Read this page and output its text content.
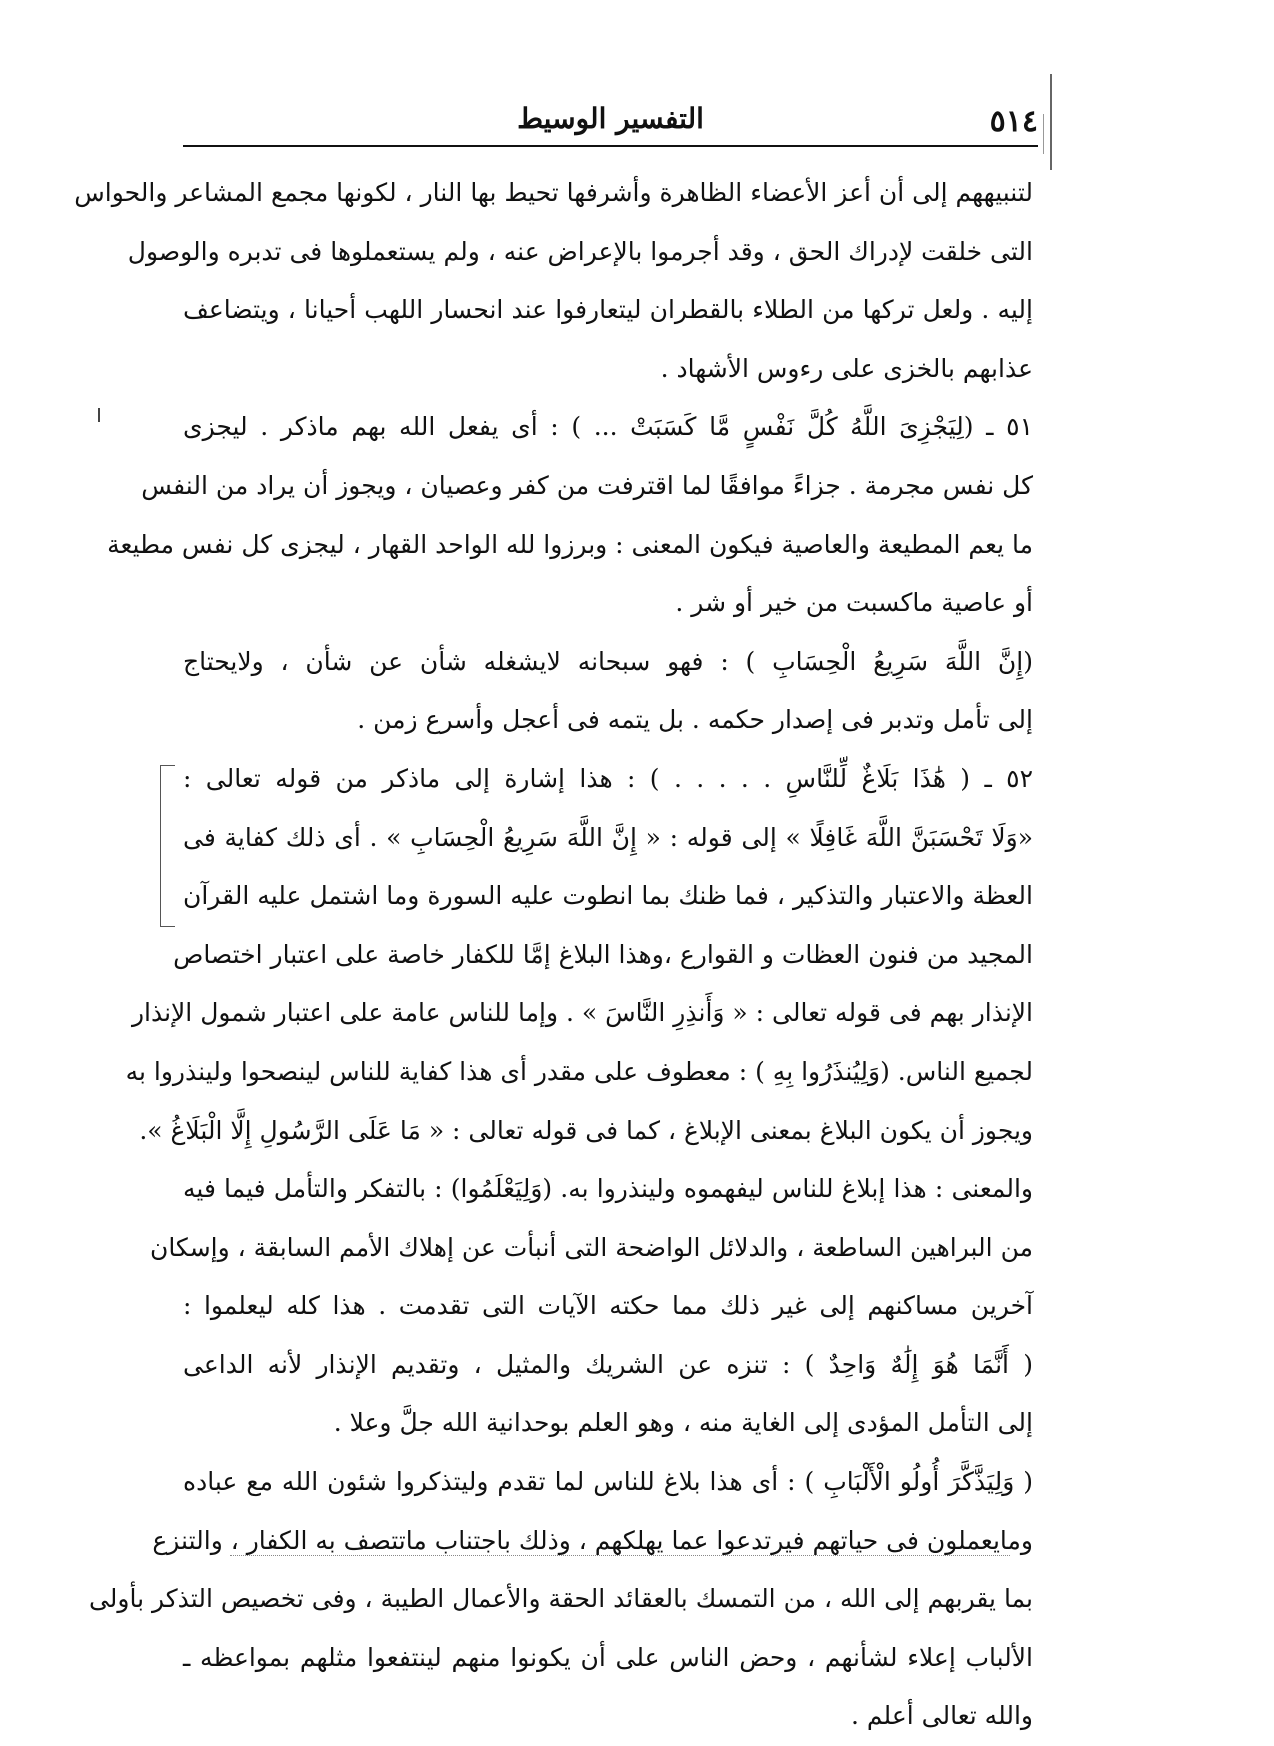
٥١٤
التفسير الوسيط
لتنبيههم إلى أن أعز الأعضاء الظاهرة وأشرفها تحيط بها النار ، لكونها مجمع المشاعر والحواس
التى خلقت لإدراك الحق ، وقد أجرموا بالإعراض عنه ، ولم يستعملوها فى تدبره والوصول
إليه . ولعل تركها من الطلاء بالقطران ليتعارفوا عند انحسار اللهب أحيانا ، ويتضاعف
عذابهم بالخزى على رءوس الأشهاد .
٥١ ـ (لِيَجْزِىَ اللَّهُ كُلَّ نَفْسٍ مَّا كَسَبَتْ ... ) : أى يفعل الله بهم ماذكر . ليجزى
كل نفس مجرمة . جزاءً موافقًا لما اقترفت من كفر وعصيان ، ويجوز أن يراد من النفس
ما يعم المطيعة والعاصية فيكون المعنى : وبرزوا لله الواحد القهار ، ليجزى كل نفس مطيعة
أو عاصية ماكسبت من خير أو شر .
(إِنَّ اللَّهَ سَرِيعُ الْحِسَابِ ) : فهو سبحانه لايشغله شأن عن شأن ، ولايحتاج
إلى تأمل وتدبر فى إصدار حكمه . بل يتمه فى أعجل وأسرع زمن .
٥٢ ـ ( هَٰذَا بَلَاغٌ لِّلنَّاسِ . . . . . ) : هذا إشارة إلى ماذكر من قوله تعالى :
«وَلَا تَحْسَبَنَّ اللَّهَ غَافِلًا » إلى قوله : « إِنَّ اللَّهَ سَرِيعُ الْحِسَابِ » . أى ذلك كفاية فى
العظة والاعتبار والتذكير ، فما ظنك بما انطوت عليه السورة وما اشتمل عليه القرآن
المجيد من فنون العظات و القوارع ،وهذا البلاغ إمَّا للكفار خاصة على اعتبار اختصاص
الإنذار بهم فى قوله تعالى : « وَأَنذِرِ النَّاسَ » . وإما للناس عامة على اعتبار شمول الإنذار
لجميع الناس. (وَلِيُنذَرُوا بِهِ ) : معطوف على مقدر أى هذا كفاية للناس لينصحوا ولينذروا به
ويجوز أن يكون البلاغ بمعنى الإبلاغ ، كما فى قوله تعالى : « مَا عَلَى الرَّسُولِ إِلَّا الْبَلَاغُ ».
والمعنى : هذا إبلاغ للناس ليفهموه ولينذروا به. (وَلِيَعْلَمُوا) : بالتفكر والتأمل فيما فيه
من البراهين الساطعة ، والدلائل الواضحة التى أنبأت عن إهلاك الأمم السابقة ، وإسكان
آخرين مساكنهم إلى غير ذلك مما حكته الآيات التى تقدمت . هذا كله ليعلموا :
( أَنَّمَا هُوَ إِلَٰهٌ وَاحِدٌ ) : تنزه عن الشريك والمثيل ، وتقديم الإنذار لأنه الداعى
إلى التأمل المؤدى إلى الغاية منه ، وهو العلم بوحدانية الله جلَّ وعلا .
( وَلِيَذَّكَّرَ أُولُو الْأَلْبَابِ ) : أى هذا بلاغ للناس لما تقدم وليتذكروا شئون الله مع عباده
ومايعملون فى حياتهم فيرتدعوا عما يهلكهم ، وذلك باجتناب ماتتصف به الكفار ، والتنزع
بما يقربهم إلى الله ، من التمسك بالعقائد الحقة والأعمال الطيبة ، وفى تخصيص التذكر بأولى
الألباب إعلاء لشأنهم ، وحض الناس على أن يكونوا منهم لينتفعوا مثلهم بمواعظه ـ
والله تعالى أعلم .
